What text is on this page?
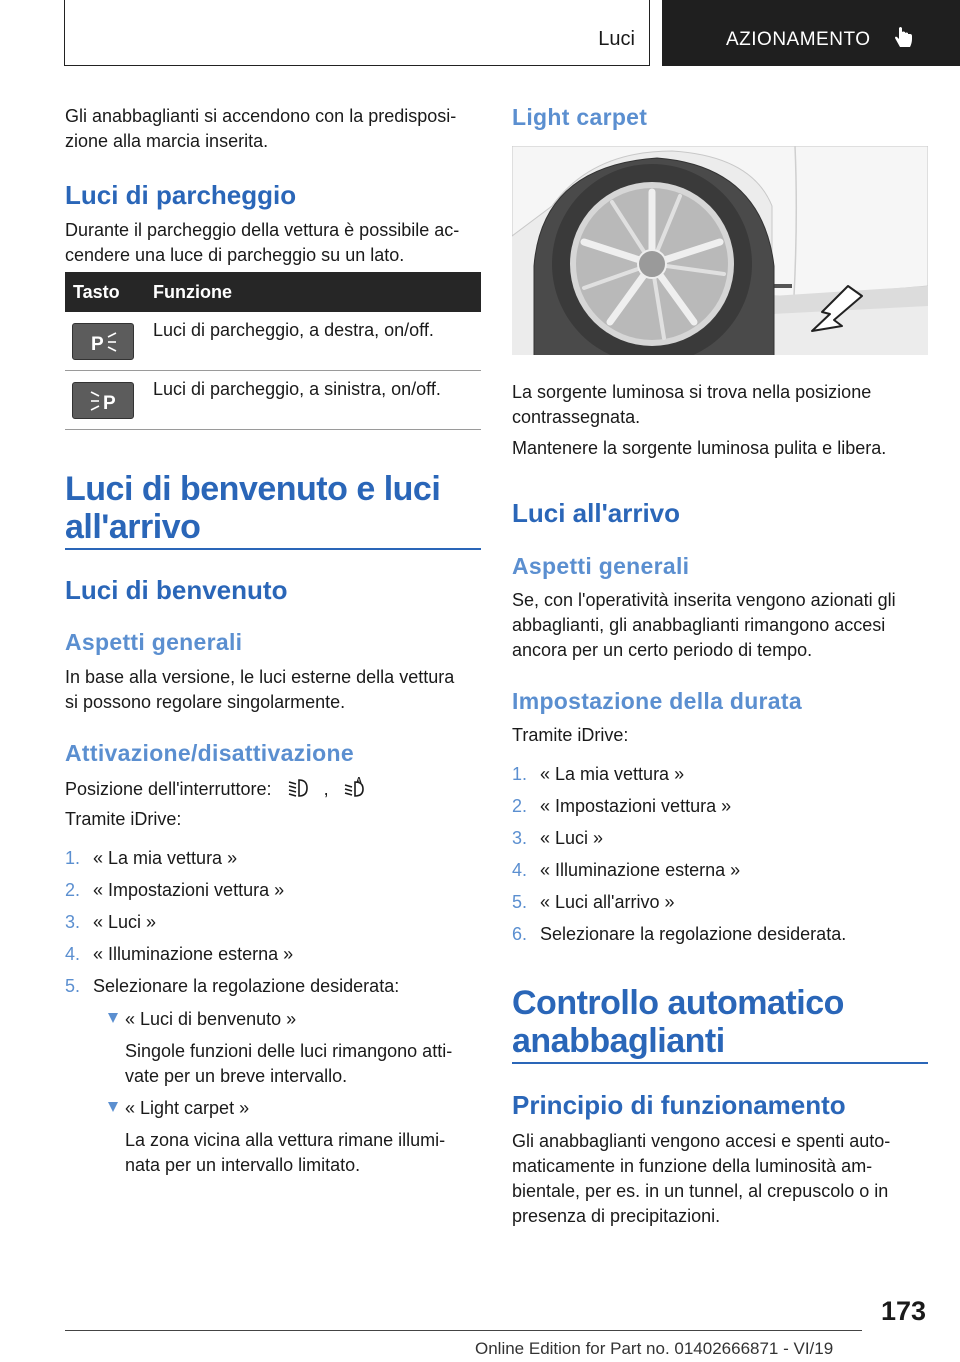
Luci	AZIONAMENTO
Gli anabbaglianti si accendono con la predisposi-
zione alla marcia inserita.
Luci di parcheggio
Durante il parcheggio della vettura è possibile ac-
cendere una luce di parcheggio su un lato.
Tasto Funzione
P
Luci di parcheggio, a destra, on/off.
P
Luci di parcheggio, a sinistra, on/off.
Luci di benvenuto e luci
all'arrivo
Luci di benvenuto
Aspetti generali
In base alla versione, le luci esterne della vettura
si possono regolare singolarmente.
Attivazione/disattivazione
Posizione dell'interruttore:	,	A
Tramite iDrive:
1. « La mia vettura »
2. « Impostazioni vettura »
3. « Luci »
4. « Illuminazione esterna »
5. Selezionare la regolazione desiderata:
« Luci di benvenuto »
Singole funzioni delle luci rimangono atti-
vate per un breve intervallo.
« Light carpet »
La zona vicina alla vettura rimane illumi-
nata per un intervallo limitato.
Light carpet
La sorgente luminosa si trova nella posizione
contrassegnata.
Mantenere la sorgente luminosa pulita e libera.
Luci all'arrivo
Aspetti generali
Se, con l'operatività inserita vengono azionati gli
abbaglianti, gli anabbaglianti rimangono accesi
ancora per un certo periodo di tempo.
Impostazione della durata
Tramite iDrive:
1. « La mia vettura »
2. « Impostazioni vettura »
3. « Luci »
4. « Illuminazione esterna »
5. « Luci all'arrivo »
6. Selezionare la regolazione desiderata.
Controllo automatico
anabbaglianti
Principio di funzionamento
Gli anabbaglianti vengono accesi e spenti auto-
maticamente in funzione della luminosità am-
bientale, per es. in un tunnel, al crepuscolo o in
presenza di precipitazioni.
173
Online Edition for Part no. 01402666871 - VI/19
